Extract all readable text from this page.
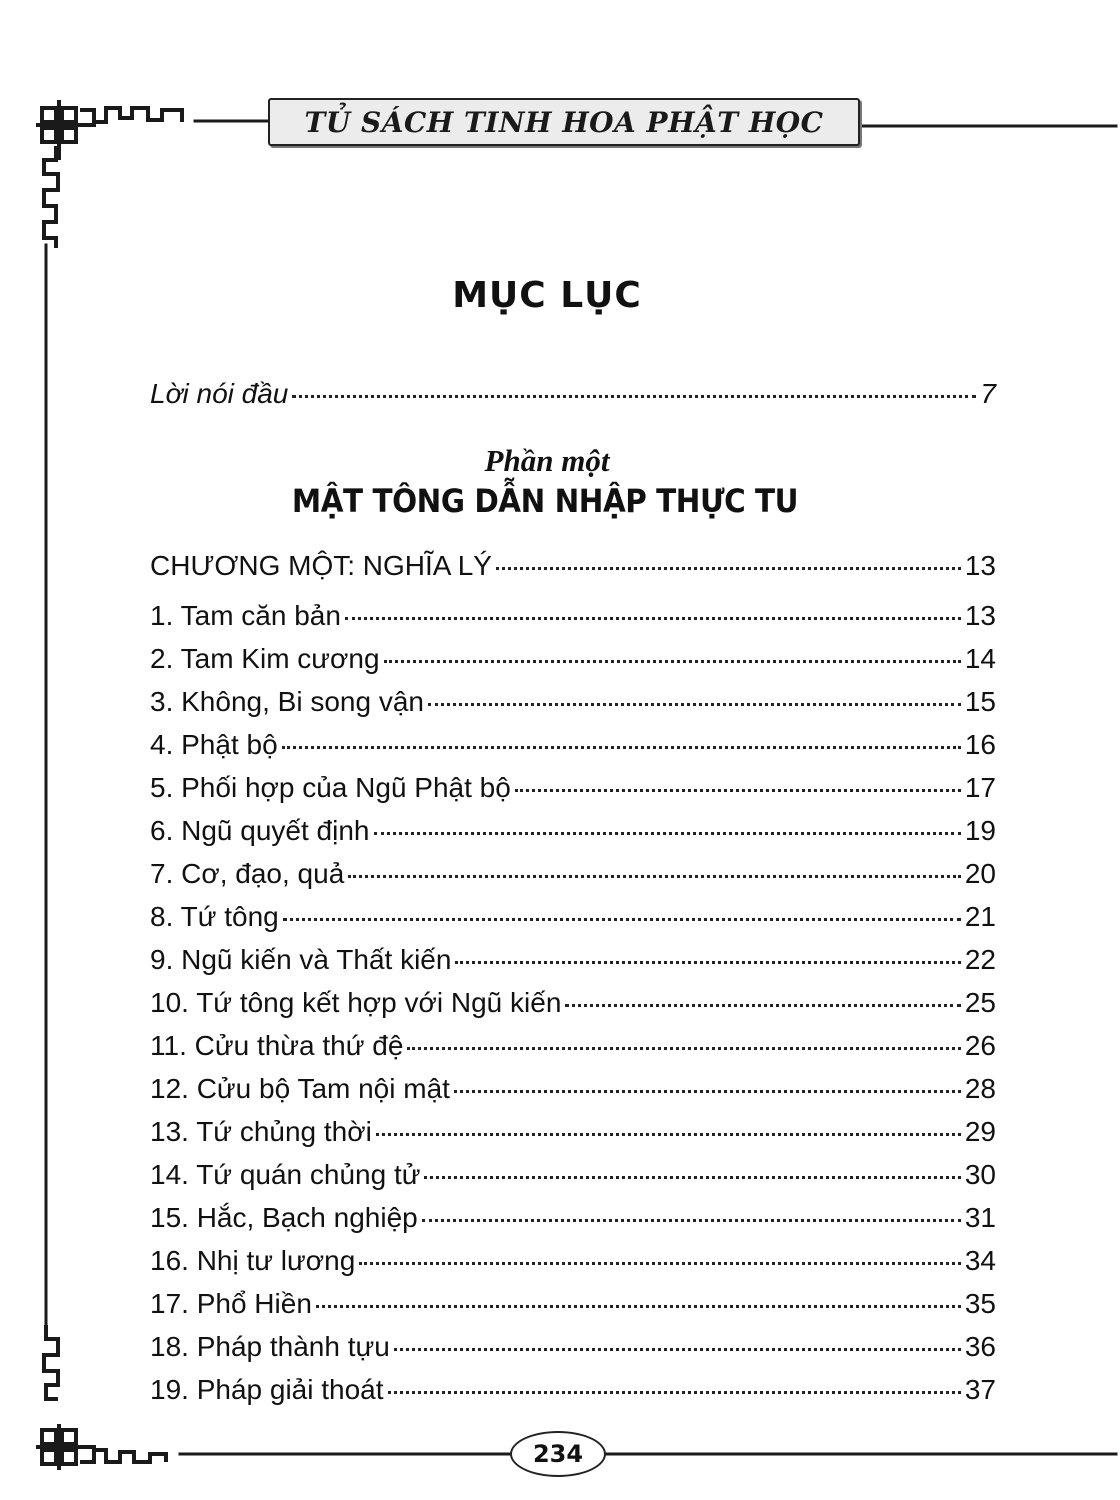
TỦ SÁCH TINH HOA PHẬT HỌC
MỤC LỤC
Lời nói đầu	7
Phần một
MẬT TÔNG DẪN NHẬP THỰC TU
CHƯƠNG MỘT: NGHĨA LÝ	13
1. Tam căn bản	13
2. Tam Kim cương	14
3. Không, Bi song vận	15
4. Phật bộ	16
5. Phối hợp của Ngũ Phật bộ	17
6. Ngũ quyết định	19
7. Cơ, đạo, quả	20
8. Tứ tông	21
9. Ngũ kiến và Thất kiến	22
10. Tứ tông kết hợp với Ngũ kiến	25
11. Cửu thừa thứ đệ	26
12. Cửu bộ Tam nội mật	28
13. Tứ chủng thời	29
14. Tứ quán chủng tử	30
15. Hắc, Bạch nghiệp	31
16. Nhị tư lương	34
17. Phổ Hiền	35
18. Pháp thành tựu	36
19. Pháp giải thoát	37
234
